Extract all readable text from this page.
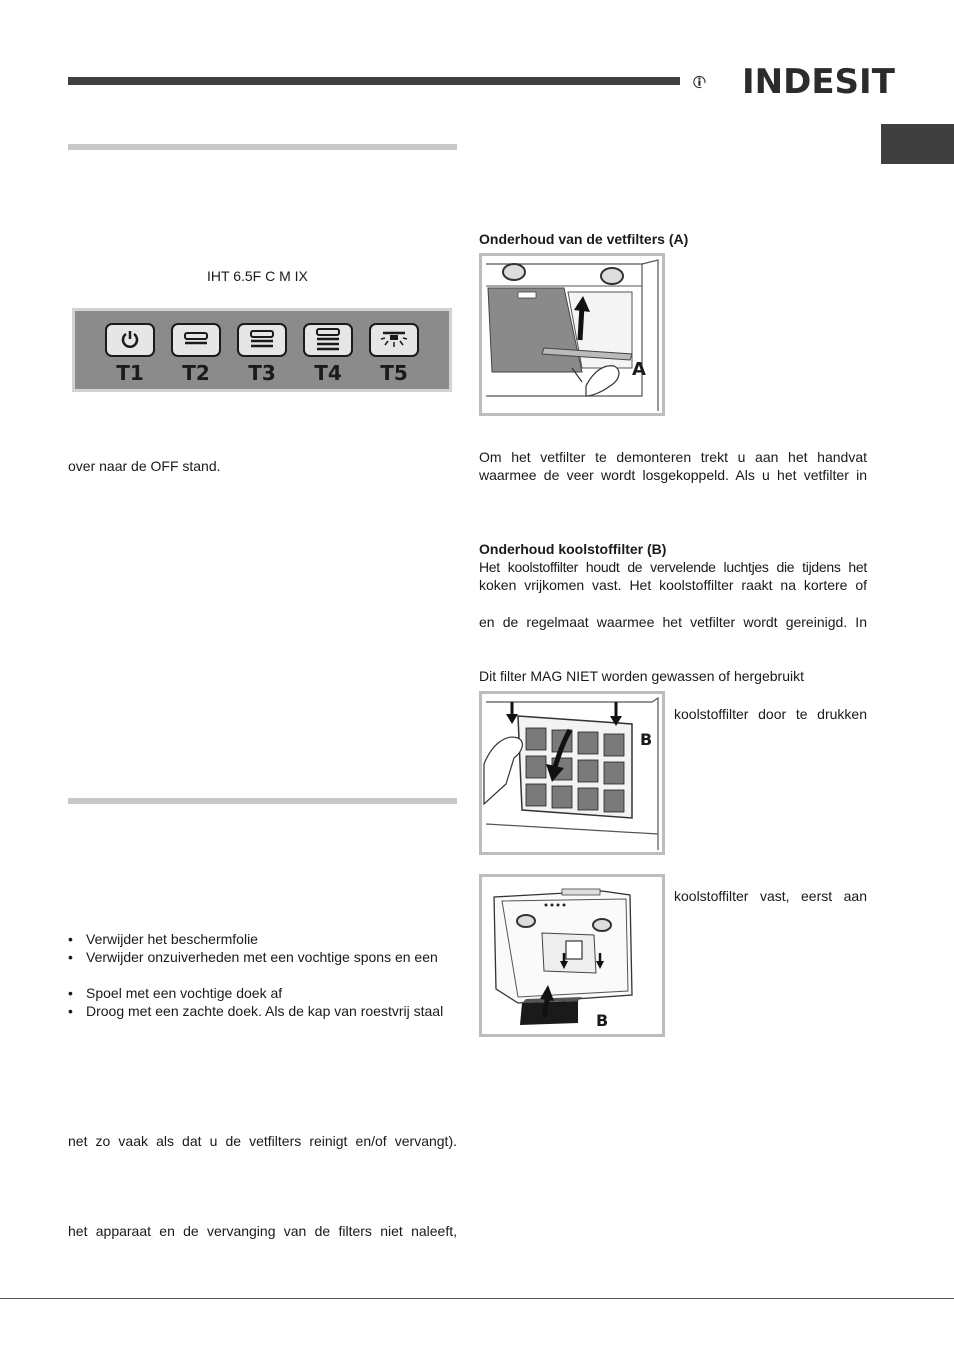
INDESIT
IHT 6.5F C M IX
T1	T2	T3	T4	T5
over naar de OFF stand.
• Verwijder het beschermfolie
• Verwijder onzuiverheden met een vochtige spons en een
• Spoel met een vochtige doek af
• Droog met een zachte doek. Als de kap van roestvrij staal
net zo vaak als dat u de vetfilters reinigt en/of vervangt).
het apparaat en de vervanging van de filters niet naleeft,
Onderhoud van de vetfilters (A)
A
Om het vetfilter te demonteren trekt u aan het handvat waarmee de veer wordt losgekoppeld. Als u het vetfilter in
Onderhoud koolstoffilter (B)
Het koolstoffilter houdt de vervelende luchtjes die tijdens het
koken vrijkomen vast. Het koolstoffilter raakt na kortere of
en de regelmaat waarmee het vetfilter wordt gereinigd. In
Dit filter MAG NIET worden gewassen of hergebruikt
B
koolstoffilter door te drukken
B
koolstoffilter vast, eerst aan
